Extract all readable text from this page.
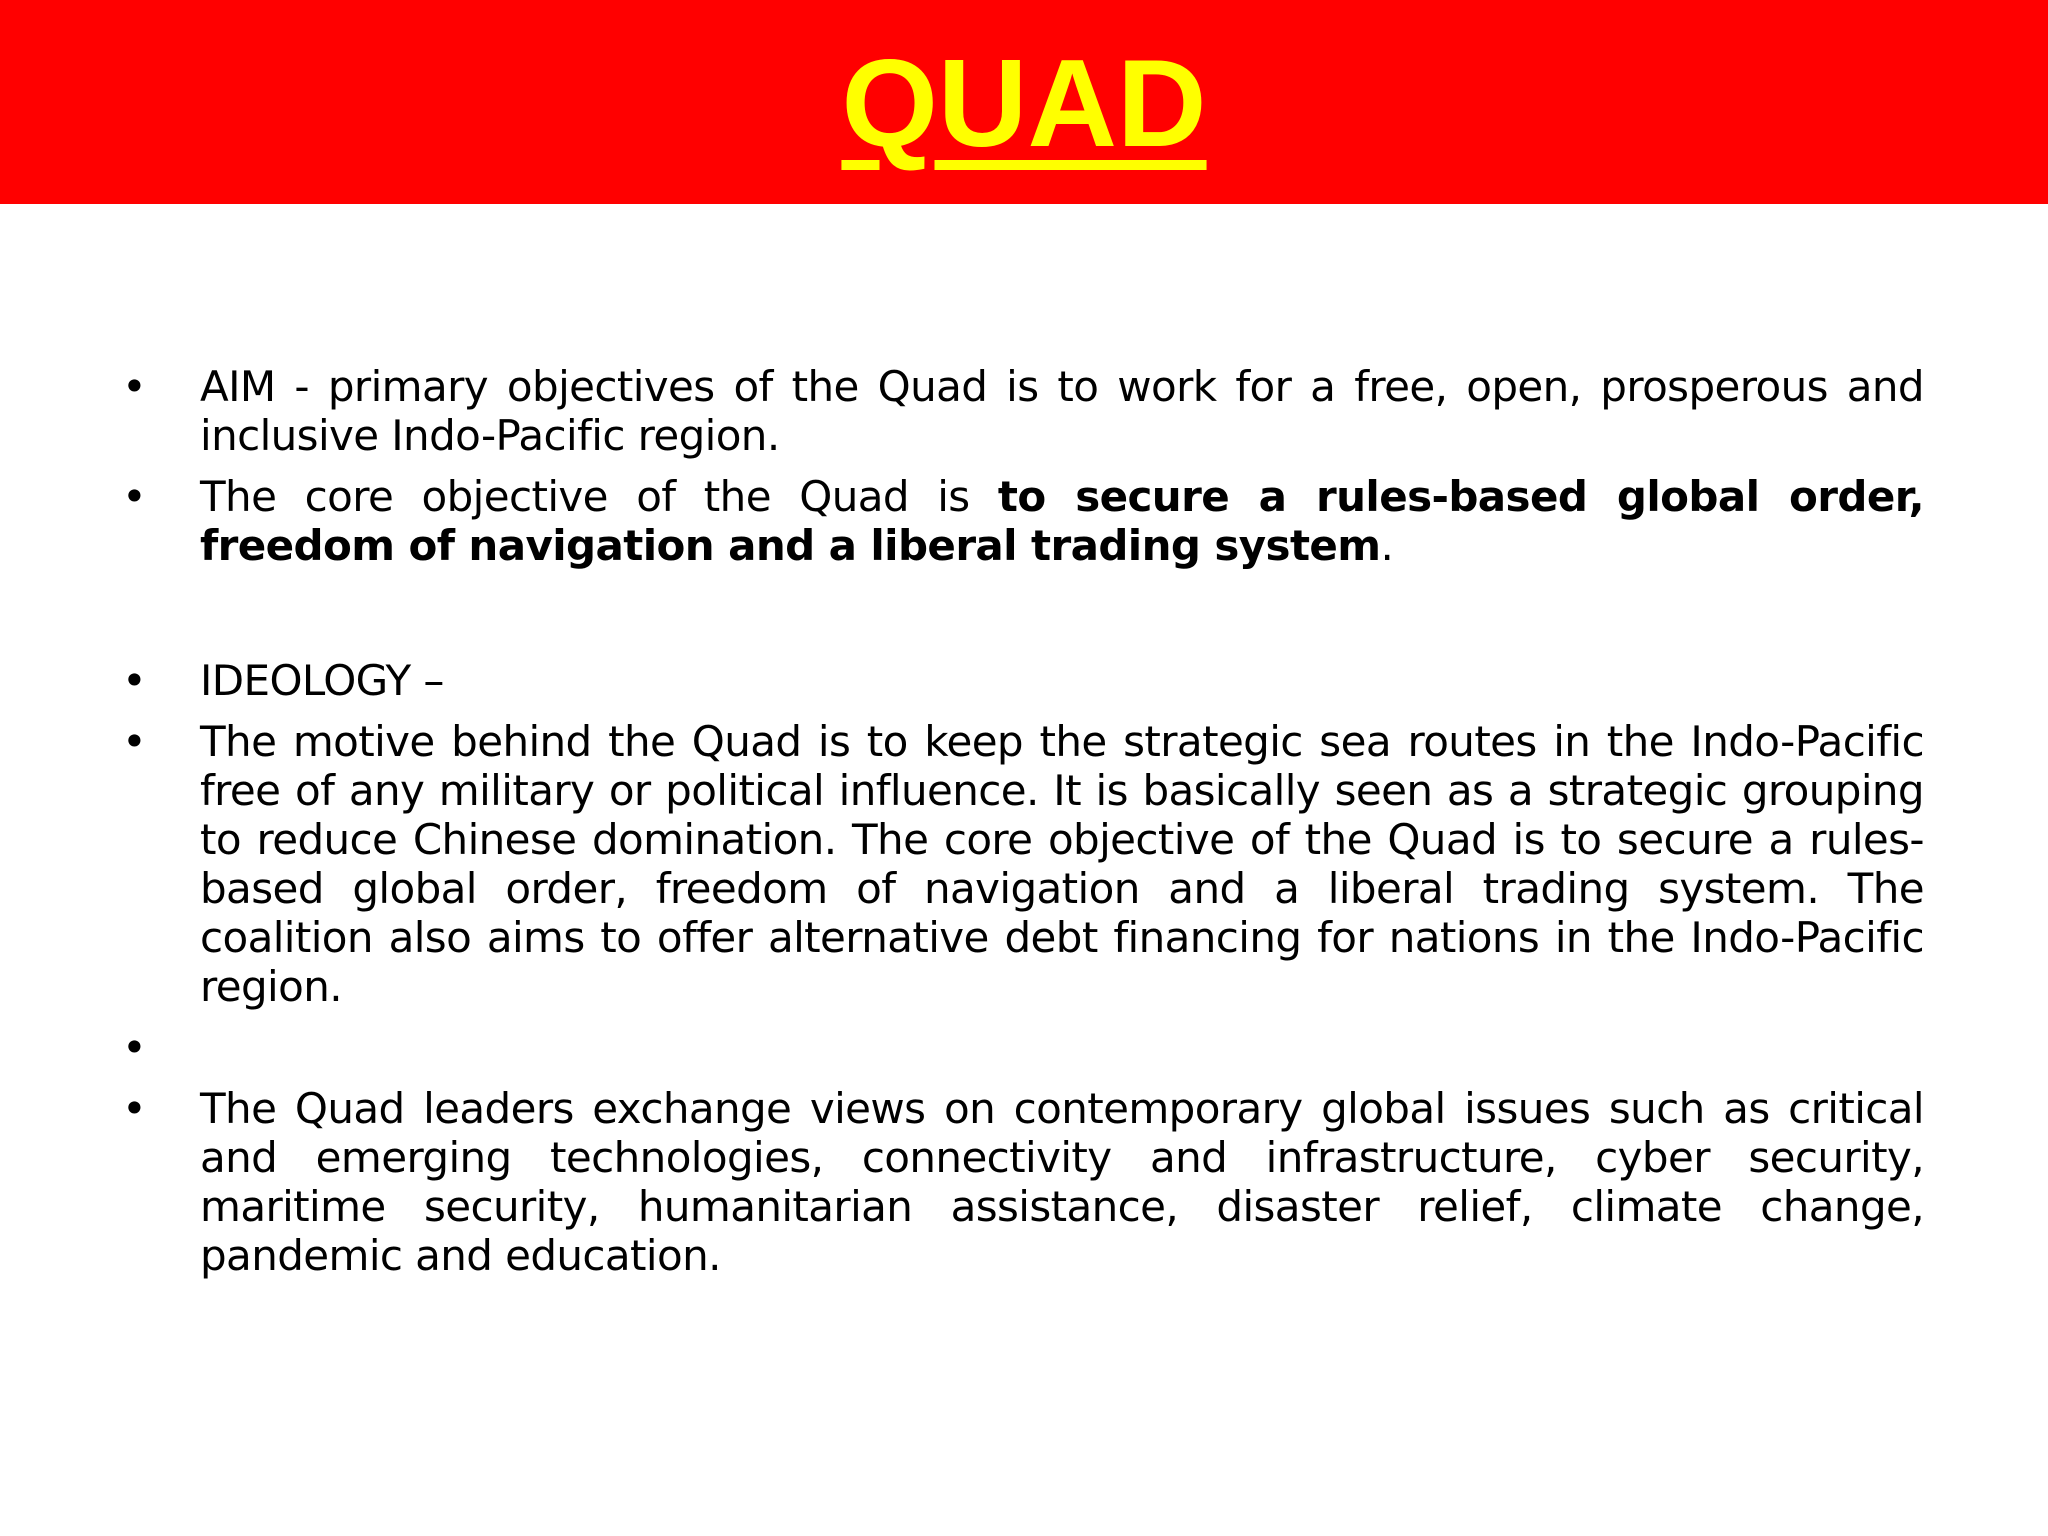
QUAD

•	AIM - primary objectives of the Quad is to work for a free, open, prosperous and inclusive Indo-Pacific region.

•	The core objective of the Quad is to secure a rules-based global order, freedom of navigation and a liberal trading system.

•	IDEOLOGY –

•	The motive behind the Quad is to keep the strategic sea routes in the Indo-Pacific free of any military or political influence. It is basically seen as a strategic grouping to reduce Chinese domination. The core objective of the Quad is to secure a rules-based global order, freedom of navigation and a liberal trading system. The coalition also aims to offer alternative debt financing for nations in the Indo-Pacific region.

•

•	The Quad leaders exchange views on contemporary global issues such as critical and emerging technologies, connectivity and infrastructure, cyber security, maritime security, humanitarian assistance, disaster relief, climate change, pandemic and education.
